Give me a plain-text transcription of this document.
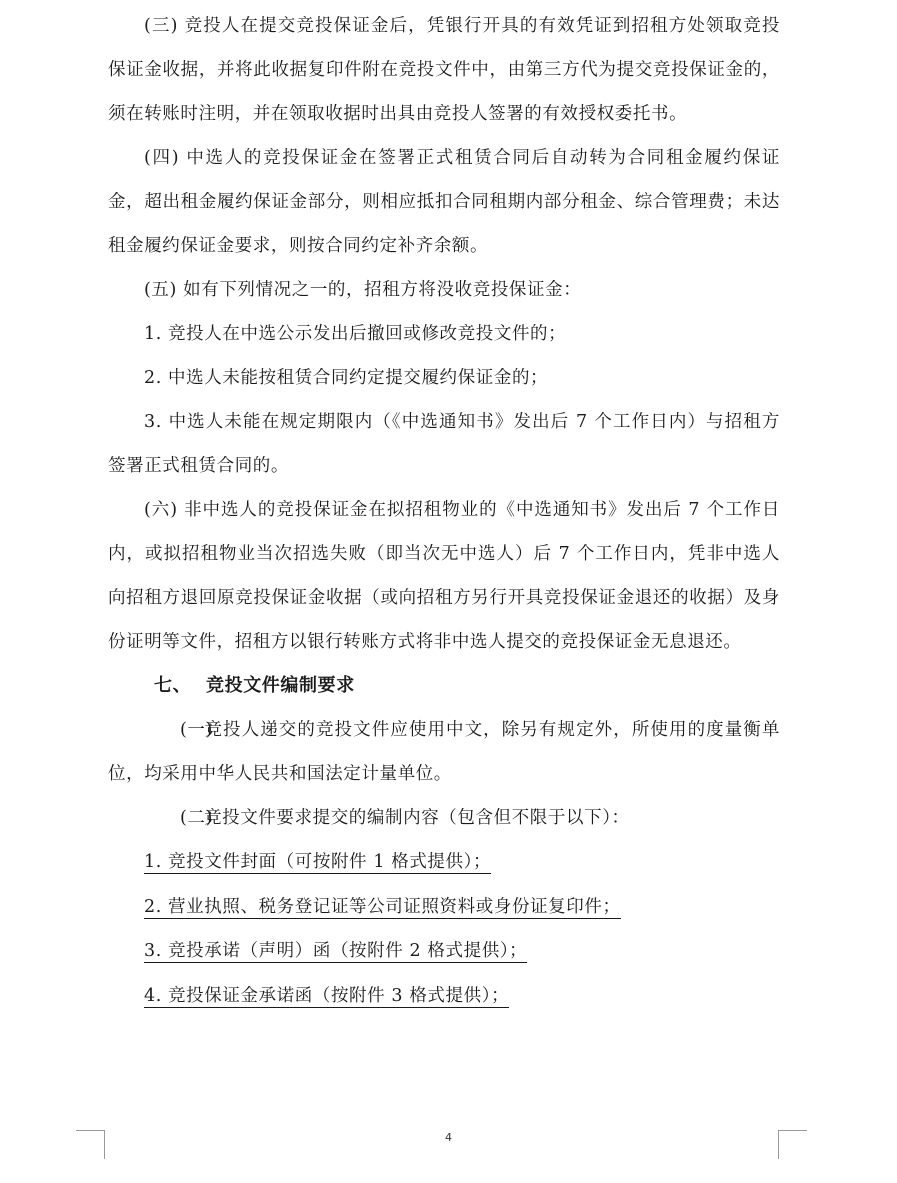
(三) 竞投人在提交竞投保证金后，凭银行开具的有效凭证到招租方处领取竞投保证金收据，并将此收据复印件附在竞投文件中，由第三方代为提交竞投保证金的，须在转账时注明，并在领取收据时出具由竞投人签署的有效授权委托书。

(四) 中选人的竞投保证金在签署正式租赁合同后自动转为合同租金履约保证金，超出租金履约保证金部分，则相应抵扣合同租期内部分租金、综合管理费；未达租金履约保证金要求，则按合同约定补齐余额。

(五) 如有下列情况之一的，招租方将没收竞投保证金：

1. 竞投人在中选公示发出后撤回或修改竞投文件的；

2. 中选人未能按租赁合同约定提交履约保证金的；

3. 中选人未能在规定期限内（《中选通知书》发出后 7 个工作日内）与招租方签署正式租赁合同的。

(六) 非中选人的竞投保证金在拟招租物业的《中选通知书》发出后 7 个工作日内，或拟招租物业当次招选失败（即当次无中选人）后 7 个工作日内，凭非中选人向招租方退回原竞投保证金收据（或向招租方另行开具竞投保证金退还的收据）及身份证明等文件，招租方以银行转账方式将非中选人提交的竞投保证金无息退还。

七、 竞投文件编制要求

(一)竞投人递交的竞投文件应使用中文，除另有规定外，所使用的度量衡单位，均采用中华人民共和国法定计量单位。

(二)竞投文件要求提交的编制内容（包含但不限于以下）：

1. 竞投文件封面（可按附件 1 格式提供）；

2. 营业执照、税务登记证等公司证照资料或身份证复印件；

3. 竞投承诺（声明）函（按附件 2 格式提供）；

4. 竞投保证金承诺函（按附件 3 格式提供）；

4
